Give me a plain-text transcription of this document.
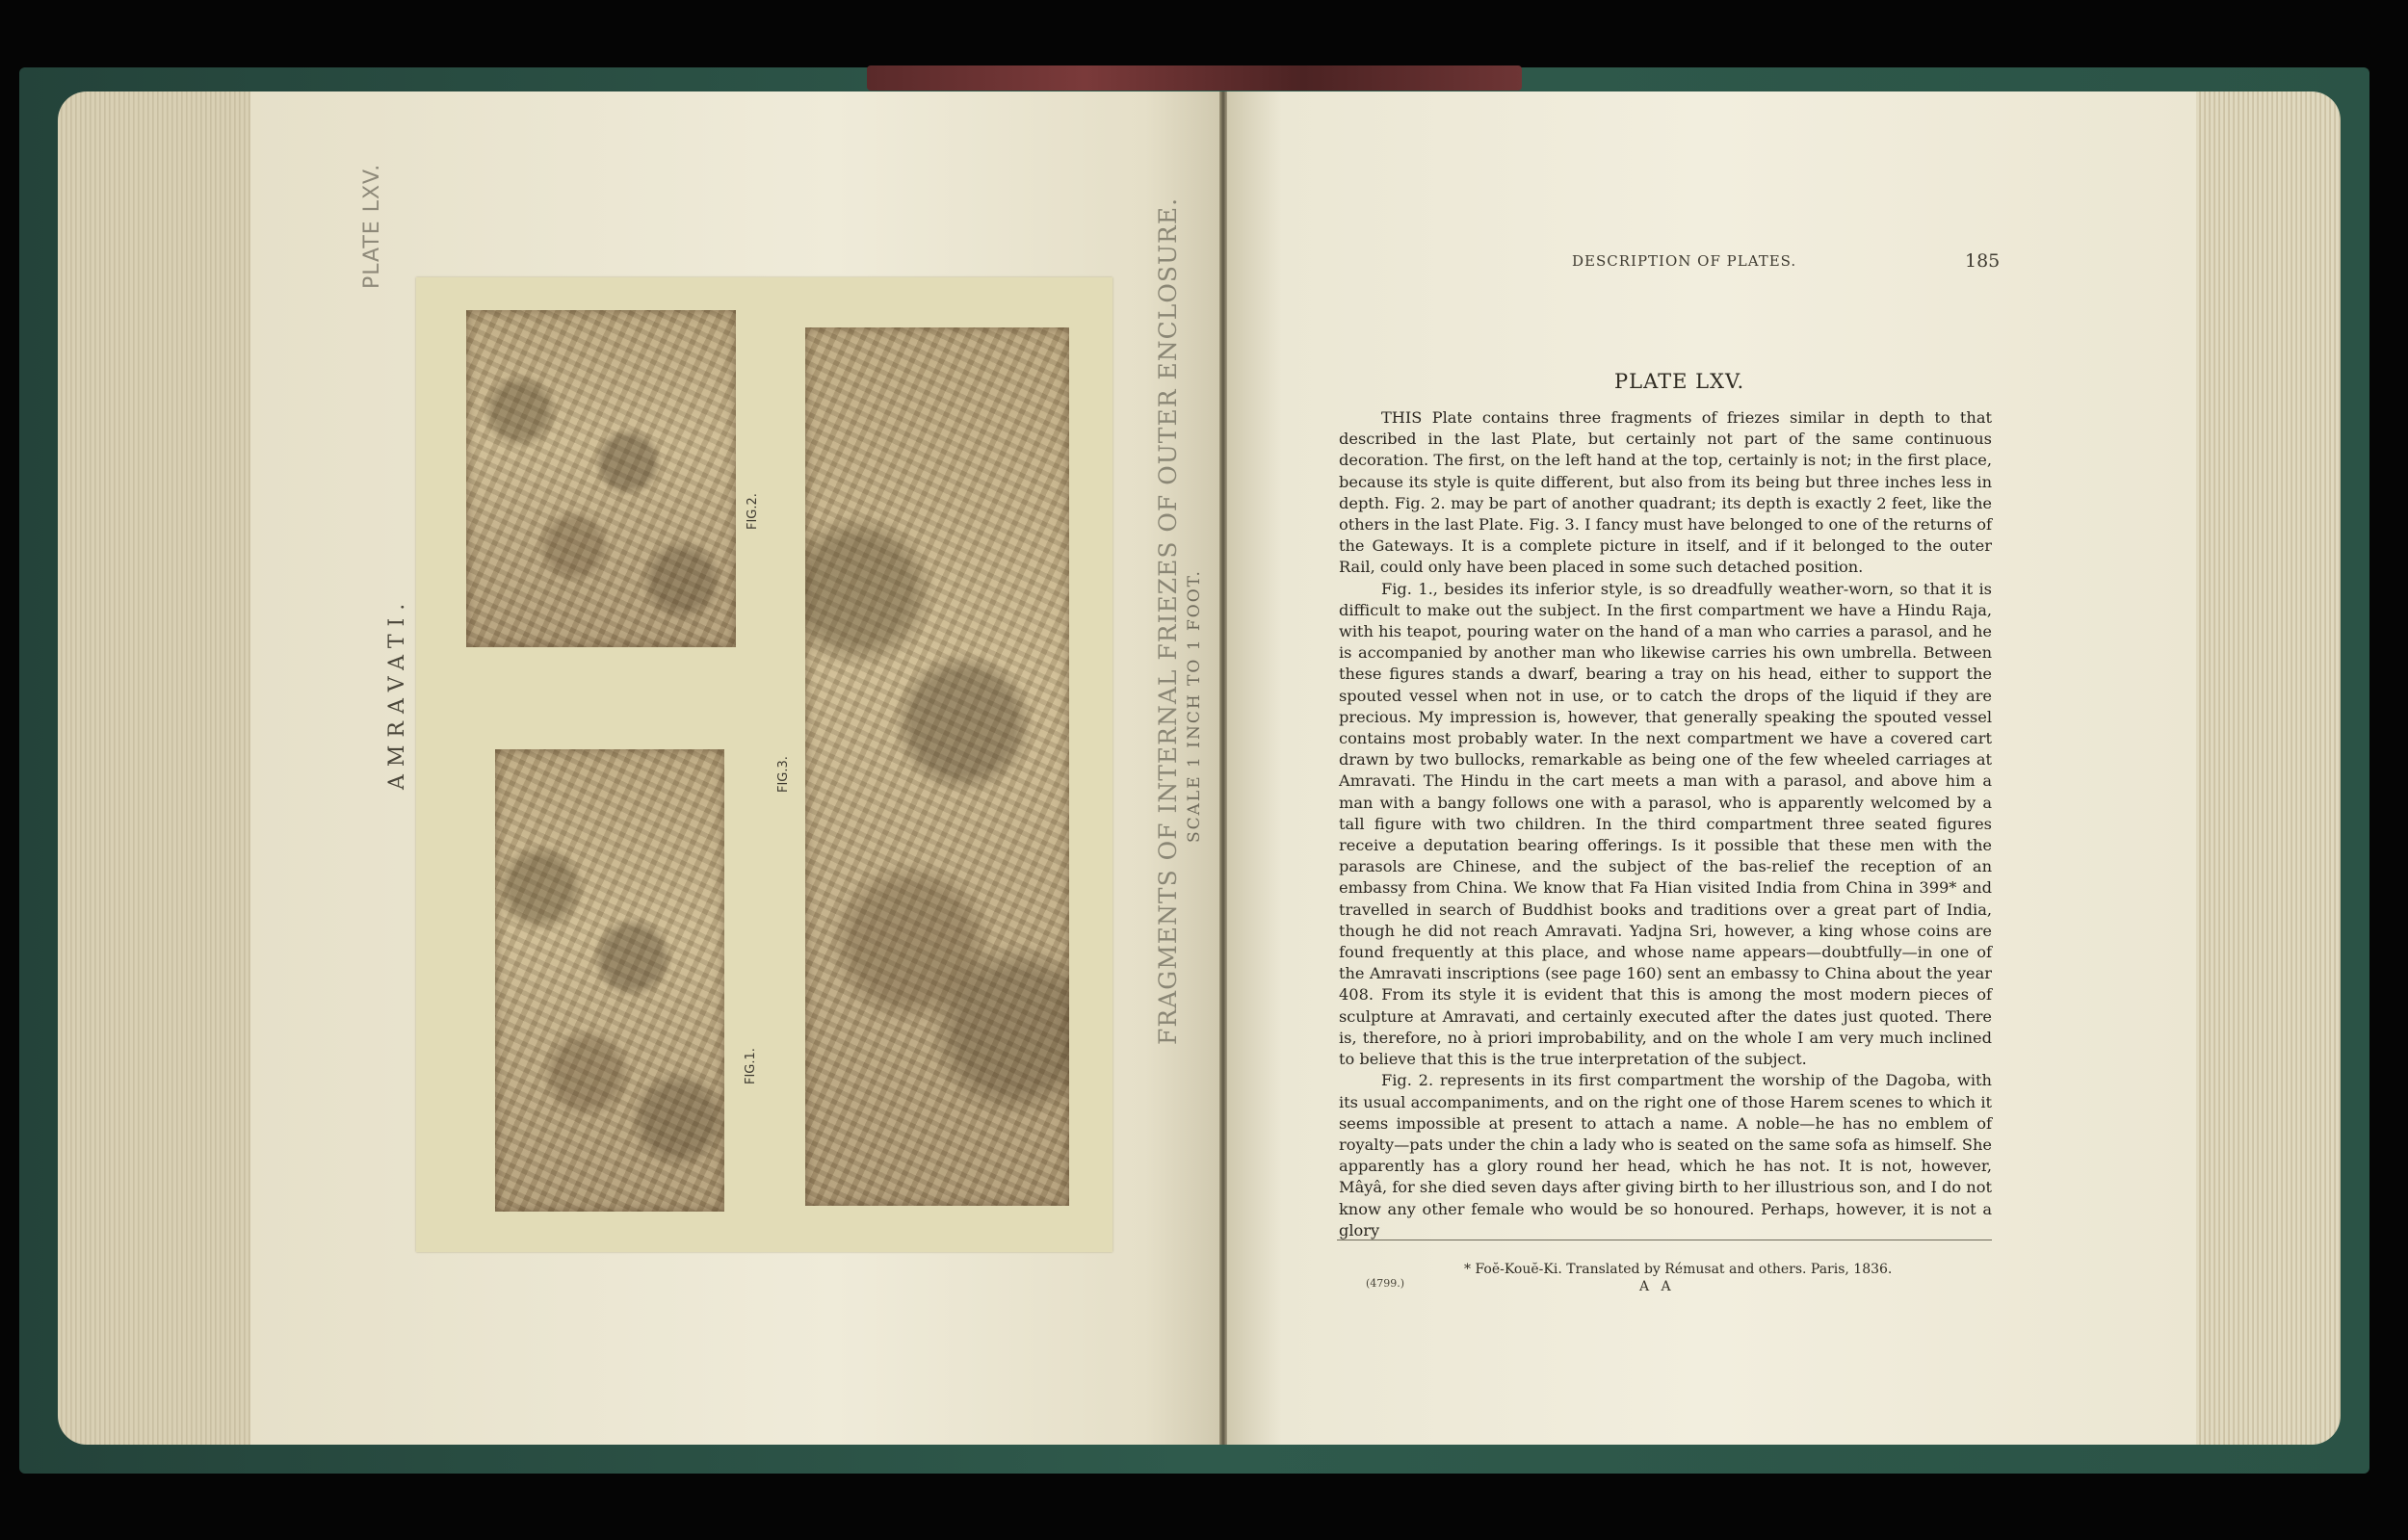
PLATE LXV.
AMRAVATI.
FIG.1.
FIG.2.
FIG.3.	FRAGMENTS OF INTERNAL FRIEZES OF OUTER ENCLOSURE. SCALE 1 INCH TO 1 FOOT.
DESCRIPTION OF PLATES.	185
PLATE LXV.

THIS Plate contains three fragments of friezes similar in depth to that described in the last Plate, but certainly not part of the same continuous decoration. The first, on the left hand at the top, certainly is not; in the first place, because its style is quite different, but also from its being but three inches less in depth. Fig. 2. may be part of another quadrant; its depth is exactly 2 feet, like the others in the last Plate. Fig. 3. I fancy must have belonged to one of the returns of the Gateways. It is a complete picture in itself, and if it belonged to the outer Rail, could only have been placed in some such detached position.

Fig. 1., besides its inferior style, is so dreadfully weather-worn, so that it is difficult to make out the subject. In the first compartment we have a Hindu Raja, with his teapot, pouring water on the hand of a man who carries a parasol, and he is accompanied by another man who likewise carries his own umbrella. Between these figures stands a dwarf, bearing a tray on his head, either to support the spouted vessel when not in use, or to catch the drops of the liquid if they are precious. My impression is, however, that generally speaking the spouted vessel contains most probably water. In the next compartment we have a covered cart drawn by two bullocks, remarkable as being one of the few wheeled carriages at Amravati. The Hindu in the cart meets a man with a parasol, and above him a man with a bangy follows one with a parasol, who is apparently welcomed by a tall figure with two children. In the third compartment three seated figures receive a deputation bearing offerings. Is it possible that these men with the parasols are Chinese, and the subject of the bas-relief the reception of an embassy from China. We know that Fa Hian visited India from China in 399* and travelled in search of Buddhist books and traditions over a great part of India, though he did not reach Amravati. Yadjna Sri, however, a king whose coins are found frequently at this place, and whose name appears—doubtfully—in one of the Amravati inscriptions (see page 160) sent an embassy to China about the year 408. From its style it is evident that this is among the most modern pieces of sculpture at Amravati, and certainly executed after the dates just quoted. There is, therefore, no à priori improbability, and on the whole I am very much inclined to believe that this is the true interpretation of the subject.

Fig. 2. represents in its first compartment the worship of the Dagoba, with its usual accompaniments, and on the right one of those Harem scenes to which it seems impossible at present to attach a name. A noble—he has no emblem of royalty—pats under the chin a lady who is seated on the same sofa as himself. She apparently has a glory round her head, which he has not. It is not, however, Mâyâ, for she died seven days after giving birth to her illustrious son, and I do not know any other female who would be so honoured. Perhaps, however, it is not a glory

* Foĕ-Kouĕ-Ki. Translated by Rémusat and others. Paris, 1836.
(4799.)	A A
